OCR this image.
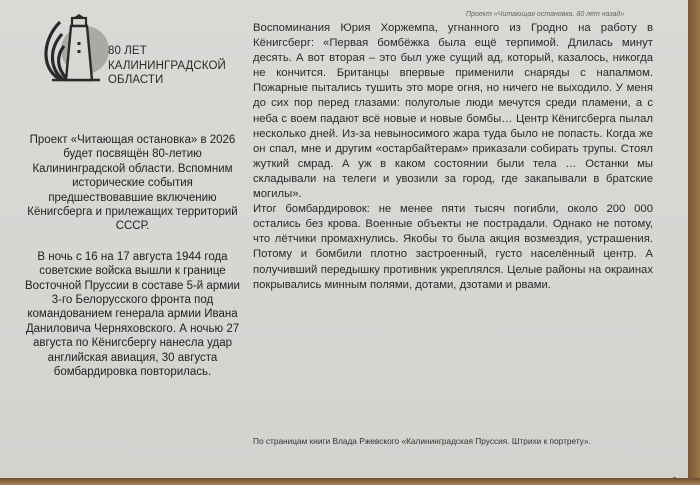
80 ЛЕТ
КАЛИНИНГРАДСКОЙ
ОБЛАСТИ
Проект «Читающая остановка. 80 лет назад»

Проект «Читающая остановка» в 2026 будет посвящён 80-летию Калининградской области. Вспомним исторические события предшествовавшие включению Кёнигсберга и прилежащих территорий СССР.

В ночь с 16 на 17 августа 1944 года советские войска вышли к границе Восточной Пруссии в составе 5-й армии 3-го Белорусского фронта под командованием генерала армии Ивана Даниловича Черняховского. А ночью 27 августа по Кёнигсбергу нанесла удар английская авиация, 30 августа бомбардировка повторилась.

Воспоминания Юрия Хоржемпа, угнанного из Гродно на работу в Кёнигсберг: «Первая бомбёжка была ещё терпимой. Длилась минут десять. А вот вторая – это был уже сущий ад, который, казалось, никогда не кончится. Британцы впервые применили снаряды с напалмом. Пожарные пытались тушить это море огня, но ничего не выходило. У меня до сих пор перед глазами: полуголые люди мечутся среди пламени, а с неба с воем падают всё новые и новые бомбы… Центр Кёнигсберга пылал несколько дней. Из-за невыносимого жара туда было не попасть. Когда же он спал, мне и другим «остарбайтерам» приказали собирать трупы. Стоял жуткий смрад. А уж в каком состоянии были тела … Останки мы складывали на телеги и увозили за город, где закапывали в братские могилы».

Итог бомбардировок: не менее пяти тысяч погибли, около 200 000 остались без крова. Военные объекты не пострадали. Однако не потому, что лётчики промахнулись. Якобы то была акция возмездия, устрашения. Потому и бомбили плотно застроенный, густо населённый центр. А получивший передышку противник укреплялся. Целые районы на окраинах покрывались минным полями, дотами, дзотами и рвами.

По страницам книги Влада Ржевского «Калининградская Пруссия. Штрихи к портрету».
